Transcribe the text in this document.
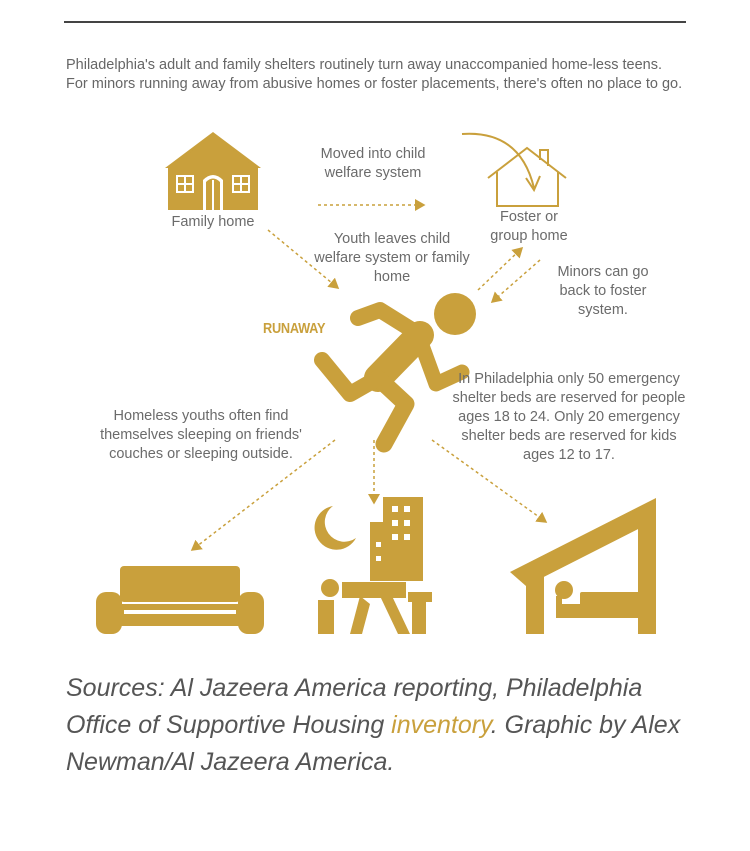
Philadelphia's adult and family shelters routinely turn away unaccompanied home-less teens. For minors running away from abusive homes or foster placements, there's often no place to go.
Family home
Moved into child welfare system
Foster or group home
Youth leaves child welfare system or family home	Minors can go back to foster system.
RUNAWAY
Homeless youths often find themselves sleeping on friends' couches or sleeping outside.
In Philadelphia only 50 emergency shelter beds are reserved for people ages 18 to 24. Only 20 emergency shelter beds are reserved for kids ages 12 to 17.
Sources: Al Jazeera America reporting, Philadelphia Office of Supportive Housing inventory. Graphic by Alex Newman/Al Jazeera America.
